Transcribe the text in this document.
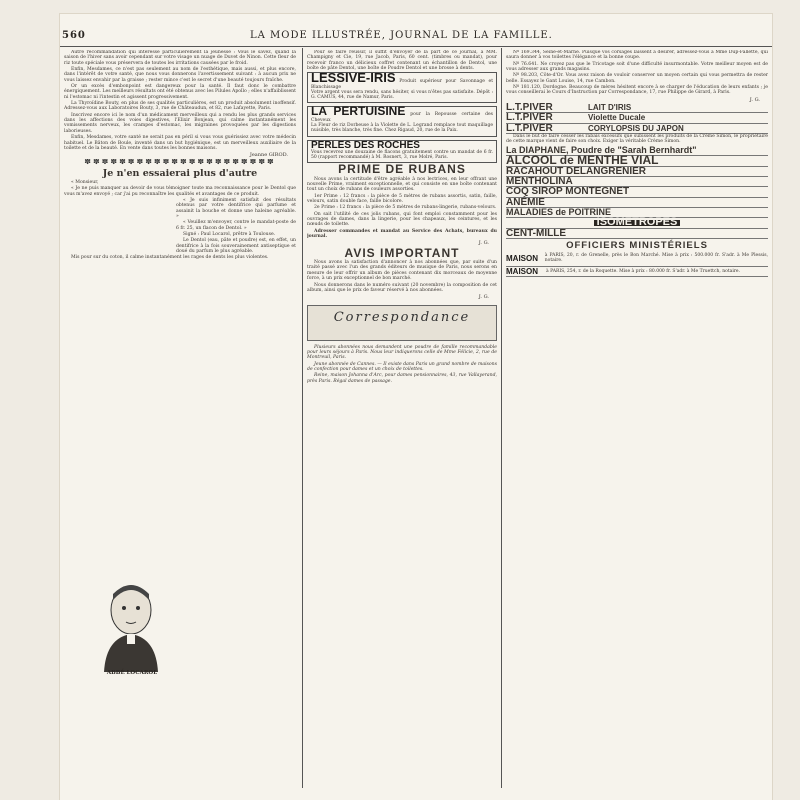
560	LA MODE ILLUSTRÉE, JOURNAL DE LA FAMILLE.

Autre recommandation qui intéresse particulièrement la jeunesse : Vous le savez, quand la saison de l'hiver sans avoir cependant sur votre visage un nuage de Duvet de Ninon. Cette fleur de riz toute spéciale vous préservera de toutes les irritations causées par le froid.

Enfin, Mesdames, ce n'est pas seulement au nom de l'esthétique, mais aussi, et plus encore, dans l'intérêt de votre santé, que nous vous donnerons l'avertissement suivant : à aucun prix ne vous laissez envahir par la graisse ; rester mince c'est le secret d'une beauté toujours fraîche.

Or un excès d'embonpoint est dangereux pour la santé. Il faut donc le combattre énergiquement. Les meilleurs résultats ont été obtenus avec les Pilules Apollo ; elles n'affaiblissent ni l'estomac ni l'intestin et agissent progressivement.

La Thyroïdine Bouty, en plus de ses qualités particulières, est un produit absolument inoffensif. Adressez-vous aux Laboratoires Bouty, 3, rue de Châteaudun, et 82, rue Lafayette, Paris.

Inscrivez encore ici le nom d'un médicament merveilleux qui a rendu les plus grands services dans les affections des voies digestives, l'Elixir Bonjean, qui calme instantanément les vomissements nerveux, les crampes d'estomac, les migraines provoquées par les digestions laborieuses.

Enfin, Mesdames, votre santé ne serait pas en péril si vous vous guérissiez avec votre médecin habituel. Le Bâton de Boule, inventé dans un but hygiénique, est un merveilleux auxiliaire de la toilette et de la beauté. En vente dans toutes les bonnes maisons.

Jeanne GIROD.
✽✽✽✽✽✽✽✽✽✽✽✽✽✽✽✽✽✽✽✽✽✽
Je n'en essaierai plus d'autre

« Monsieur,

« Je ne puis manquer au devoir de vous témoigner toute ma reconnaissance pour le Dentol que vous m'avez envoyé ; car j'ai pu reconnaître les qualités et avantages de ce produit.

« Je suis infiniment satisfait des résultats obtenus par votre dentifrice qui parfume et assainit la bouche et donne une haleine agréable. »

« Veuillez m'envoyer, contre le mandat-poste de 6 fr. 25, un flacon de Dentol. »

Signé : Paul Locarol, prêtre à Toulouse.

Le Dentol (eau, pâte et poudre) est, en effet, un dentifrice à la fois souverainement antiseptique et doué du parfum le plus agréable.

Mis pour sur du coton, il calme instantanément les rages de dents les plus violentes.

ABBÉ LOCAROL

Pour se faire réussir, il suffit d'envoyer de la part de ce journal, à MM. Champigny et Cie, 19, rue Jacob, Paris, 60 cent. (timbres ou mandat), pour recevoir franco un délicieux coffret contenant un échantillon de Dentol, une boîte de pâte Dentol, une boîte de Poudre Dentol et une brosse à dents.

LESSIVE-IRIS Produit supérieur pour Savonnage et Blanchissage
Votre argent vous sera rendu, sans hésiter, si vous n'êtes pas satisfaite. Dépôt : G. CAMUS, 44, rue de Namur, Paris.
LA PERTUISINE pour la Repousse certaine des Cheveux
La Fleur de riz Dorbeuse à la Violette de L. Legrand remplace tout maquillage nuisible, très blanche, très fine. Chez Rigaud, 20, rue de la Paix.
PERLES DES ROCHES
Vous recevrez une douzaine de flacons gratuitement contre un mandat de 6 fr. 50 (rapport recommandé) à M. Rosnert, 3, rue Molré, Paris.
PRIME DE RUBANS

Nous avons la certitude d'être agréable à nos lectrices, en leur offrant une nouvelle Prime, vraiment exceptionnelle, et qui consiste en une boîte contenant tout un choix de rubans de couleurs assorties.

1er Prime : 12 francs : la pièce de 5 mètres de rubans assortis, satin, faille, velours, satin double face, faille bicolore.

2e Prime : 12 francs : la pièce de 5 mètres de rubans-lingerie, rubans-velours.

On sait l'utilité de ces jolis rubans, qui font emploi constamment pour les ouvrages de dames, dans la lingerie, pour les chapeaux, les ceintures, et les nœuds de toilette.

Adresser commandes et mandat au Service des Achats, bureaux du journal.

J. G.
AVIS IMPORTANT

Nous avons la satisfaction d'annoncer à nos abonnées que, par suite d'un traité passé avec l'un des grands éditeurs de musique de Paris, nous serons en mesure de leur offrir un album de pièces contenant dix morceaux de moyenne force, à un prix exceptionnel de bon marché.

Nous donnerons dans le numéro suivant (20 novembre) la composition de cet album, ainsi que le prix de faveur réservé à nos abonnées.

J. G.
Correspondance

Plusieurs abonnées nous demandent une poudre de famille recommandable pour leurs séjours à Paris. Nous leur indiquerons celle de Mme Félicie, 2, rue de Montreuil, Paris.

Jeune abonnée de Cannes. — Il existe dans Paris un grand nombre de maisons de confection pour dames et un choix de toilettes.

Reine, maison Johanna d'Arc, pour dames pensionnaires, 43, rue Vallayerand, près Paris. Régal dames de passage.

Nº 169.344, Seine-et-Marne. Puisque vos corsages laissent à désirer, adressez-vous à Mme Dup-Fallette, qui saura donner à vos toilettes l'élégance et la bonne coupe.

Nº 76.641. Ne croyez pas que le Tricotage soit d'une difficulté insurmontable. Votre meilleur moyen est de vous adresser aux grands magasins.

Nº 98.203, Côte-d'Or. Vous avez raison de vouloir conserver un moyen certain qui vous permettra de rester belle. Essayez le Gant Louise, 14, rue Cambon.

Nº 181.120, Dordogne. Beaucoup de mères hésitent encore à se charger de l'éducation de leurs enfants ; je vous conseillerai le Cours d'Instruction par Correspondance, 17, rue Philippe de Girard, à Paris.

J. G.
L.T.PIVER	LAIT D'IRIS
L.T.PIVER	Violette Ducale
L.T.PIVER	CORYLOPSIS DU JAPON

Dans le but de faire cesser les rabais excessifs que subissent les produits de la Crème Simon, le propriétaire de cette marque vient de faire son choix. Exiger la véritable Crème Simon.

La DIAPHANE, Poudre de "Sarah Bernhardt"
ALCOOL de MENTHE VIAL
RACAHOUT DELANGRENIER
MENTHOLINA
COQ SIROP MONTEGNET
ANÉMIE
MALADIES de POITRINE
ISOMETROPES
CENT-MILLE
OFFICIERS MINISTÉRIELS
MAISON	à PARIS, 20, r. de Grenelle, près le Bon Marché. Mise à prix : 500.000 fr. S'adr. à Me Plessis, notaire.
MAISON	à PARIS, 254, r. de la Roquette. Mise à prix : 80.000 fr. S'adr. à Me Truettch, notaire.
